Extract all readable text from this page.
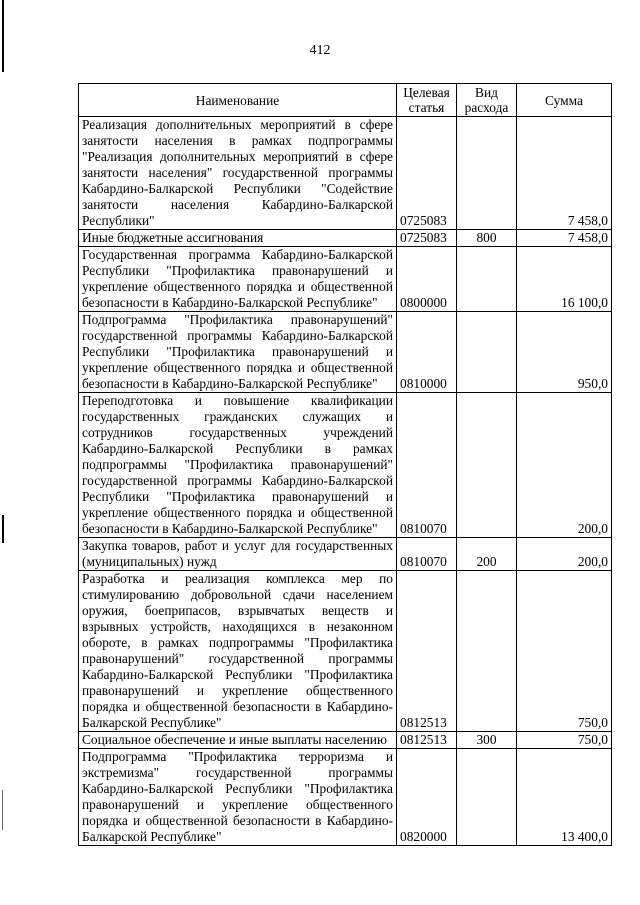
412
Наименование	Целевая статья	Вид расхода	Сумма
Реализация дополнительных мероприятий в сфере занятости населения в рамках подпрограммы "Реализация дополнительных мероприятий в сфере занятости населения" государственной программы Кабардино-Балкарской Республики "Содействие занятости населения Кабардино-Балкарской Республики"	0725083		7 458,0
Иные бюджетные ассигнования	0725083	800	7 458,0
Государственная программа Кабардино-Балкарской Республики "Профилактика правонарушений и укрепление общественного порядка и общественной безопасности в Кабардино-Балкарской Республике"	0800000		16 100,0
Подпрограмма "Профилактика правонарушений" государственной программы Кабардино-Балкарской Республики "Профилактика правонарушений и укрепление общественного порядка и общественной безопасности в Кабардино-Балкарской Республике"	0810000		950,0
Переподготовка и повышение квалификации государственных гражданских служащих и сотрудников государственных учреждений Кабардино-Балкарской Республики в рамках подпрограммы "Профилактика правонарушений" государственной программы Кабардино-Балкарской Республики "Профилактика правонарушений и укрепление общественного порядка и общественной безопасности в Кабардино-Балкарской Республике"	0810070		200,0
Закупка товаров, работ и услуг для государственных (муниципальных) нужд	0810070	200	200,0
Разработка и реализация комплекса мер по стимулированию добровольной сдачи населением оружия, боеприпасов, взрывчатых веществ и взрывных устройств, находящихся в незаконном обороте, в рамках подпрограммы "Профилактика правонарушений" государственной программы Кабардино-Балкарской Республики "Профилактика правонарушений и укрепление общественного порядка и общественной безопасности в Кабардино-Балкарской Республике"	0812513		750,0
Социальное обеспечение и иные выплаты населению	0812513	300	750,0
Подпрограмма "Профилактика терроризма и экстремизма" государственной программы Кабардино-Балкарской Республики "Профилактика правонарушений и укрепление общественного порядка и общественной безопасности в Кабардино-Балкарской Республике"	0820000		13 400,0
